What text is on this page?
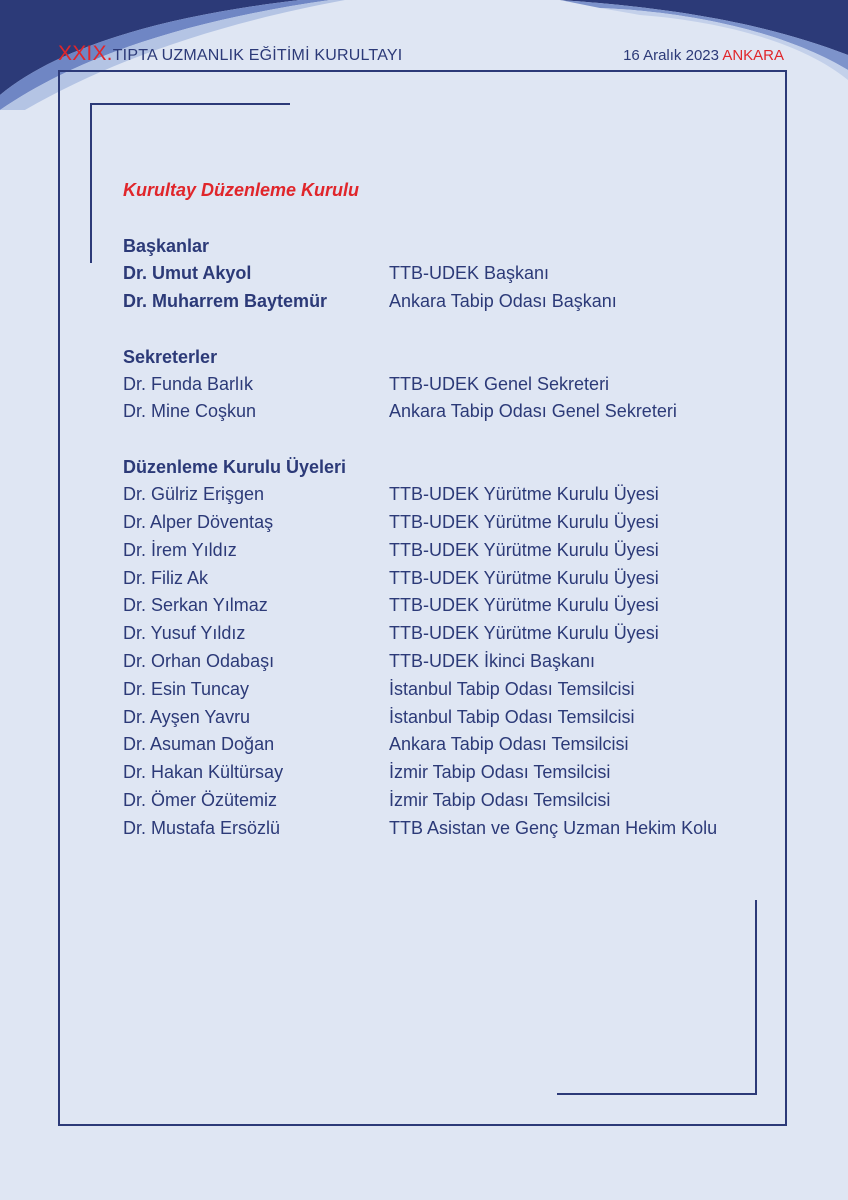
XXIX.TIPTA UZMANLIK EĞİTİMİ KURULTAYI	16 Aralık 2023 ANKARA
Kurultay Düzenleme Kurulu
Başkanlar
Dr. Umut Akyol	TTB-UDEK Başkanı
Dr. Muharrem Baytemür	Ankara Tabip Odası Başkanı
Sekreterler
Dr. Funda Barlık	TTB-UDEK Genel Sekreteri
Dr. Mine Coşkun	Ankara Tabip Odası Genel Sekreteri
Düzenleme Kurulu Üyeleri
Dr. Gülriz Erişgen	TTB-UDEK Yürütme Kurulu Üyesi
Dr. Alper Döventaş	TTB-UDEK Yürütme Kurulu Üyesi
Dr. İrem Yıldız	TTB-UDEK Yürütme Kurulu Üyesi
Dr. Filiz Ak	TTB-UDEK Yürütme Kurulu Üyesi
Dr. Serkan Yılmaz	TTB-UDEK Yürütme Kurulu Üyesi
Dr. Yusuf Yıldız	TTB-UDEK Yürütme Kurulu Üyesi
Dr. Orhan Odabaşı	TTB-UDEK İkinci Başkanı
Dr. Esin Tuncay	İstanbul Tabip Odası Temsilcisi
Dr. Ayşen Yavru	İstanbul Tabip Odası Temsilcisi
Dr. Asuman Doğan	Ankara Tabip Odası Temsilcisi
Dr. Hakan Kültürsay	İzmir Tabip Odası Temsilcisi
Dr. Ömer Özütemiz	İzmir Tabip Odası Temsilcisi
Dr. Mustafa Ersözlü	TTB Asistan ve Genç Uzman Hekim Kolu
